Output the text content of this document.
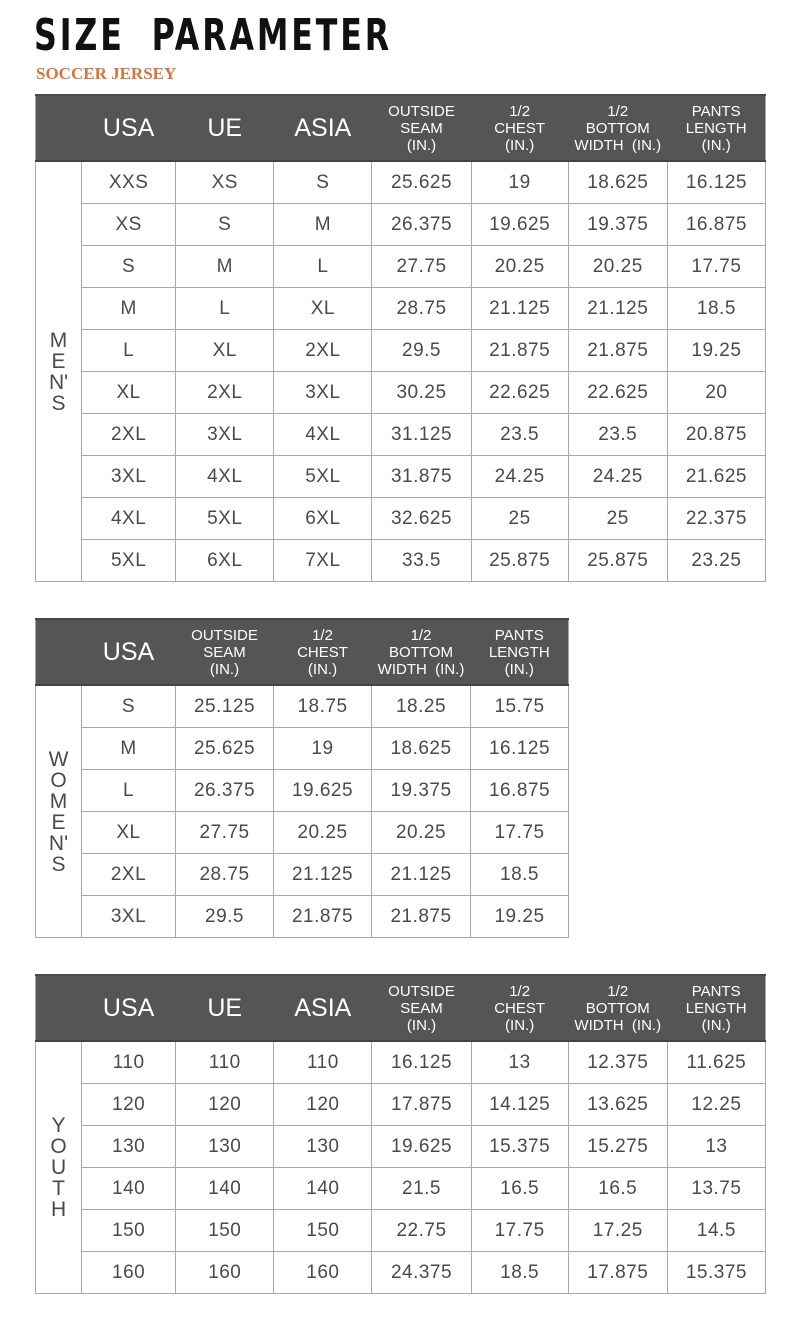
SIZE PARAMETER
SOCCER JERSEY
	USA	UE	ASIA	OUTSIDE
SEAM
(IN.)	1/2
CHEST
(IN.)	1/2
BOTTOM
WIDTH  (IN.)	PANTS
LENGTH
(IN.)
MEN'S	XXS	XS	S	25.625	19	18.625	16.125
	XS	S	M	26.375	19.625	19.375	16.875
	S	M	L	27.75	20.25	20.25	17.75
	M	L	XL	28.75	21.125	21.125	18.5
	L	XL	2XL	29.5	21.875	21.875	19.25
	XL	2XL	3XL	30.25	22.625	22.625	20
	2XL	3XL	4XL	31.125	23.5	23.5	20.875
	3XL	4XL	5XL	31.875	24.25	24.25	21.625
	4XL	5XL	6XL	32.625	25	25	22.375
	5XL	6XL	7XL	33.5	25.875	25.875	23.25
	USA	OUTSIDE
SEAM
(IN.)	1/2
CHEST
(IN.)	1/2
BOTTOM
WIDTH  (IN.)	PANTS
LENGTH
(IN.)
WOMEN'S	S	25.125	18.75	18.25	15.75
	M	25.625	19	18.625	16.125
	L	26.375	19.625	19.375	16.875
	XL	27.75	20.25	20.25	17.75
	2XL	28.75	21.125	21.125	18.5
	3XL	29.5	21.875	21.875	19.25
	USA	UE	ASIA	OUTSIDE
SEAM
(IN.)	1/2
CHEST
(IN.)	1/2
BOTTOM
WIDTH  (IN.)	PANTS
LENGTH
(IN.)
YOUTH	110	110	110	16.125	13	12.375	11.625
	120	120	120	17.875	14.125	13.625	12.25
	130	130	130	19.625	15.375	15.275	13
	140	140	140	21.5	16.5	16.5	13.75
	150	150	150	22.75	17.75	17.25	14.5
	160	160	160	24.375	18.5	17.875	15.375
